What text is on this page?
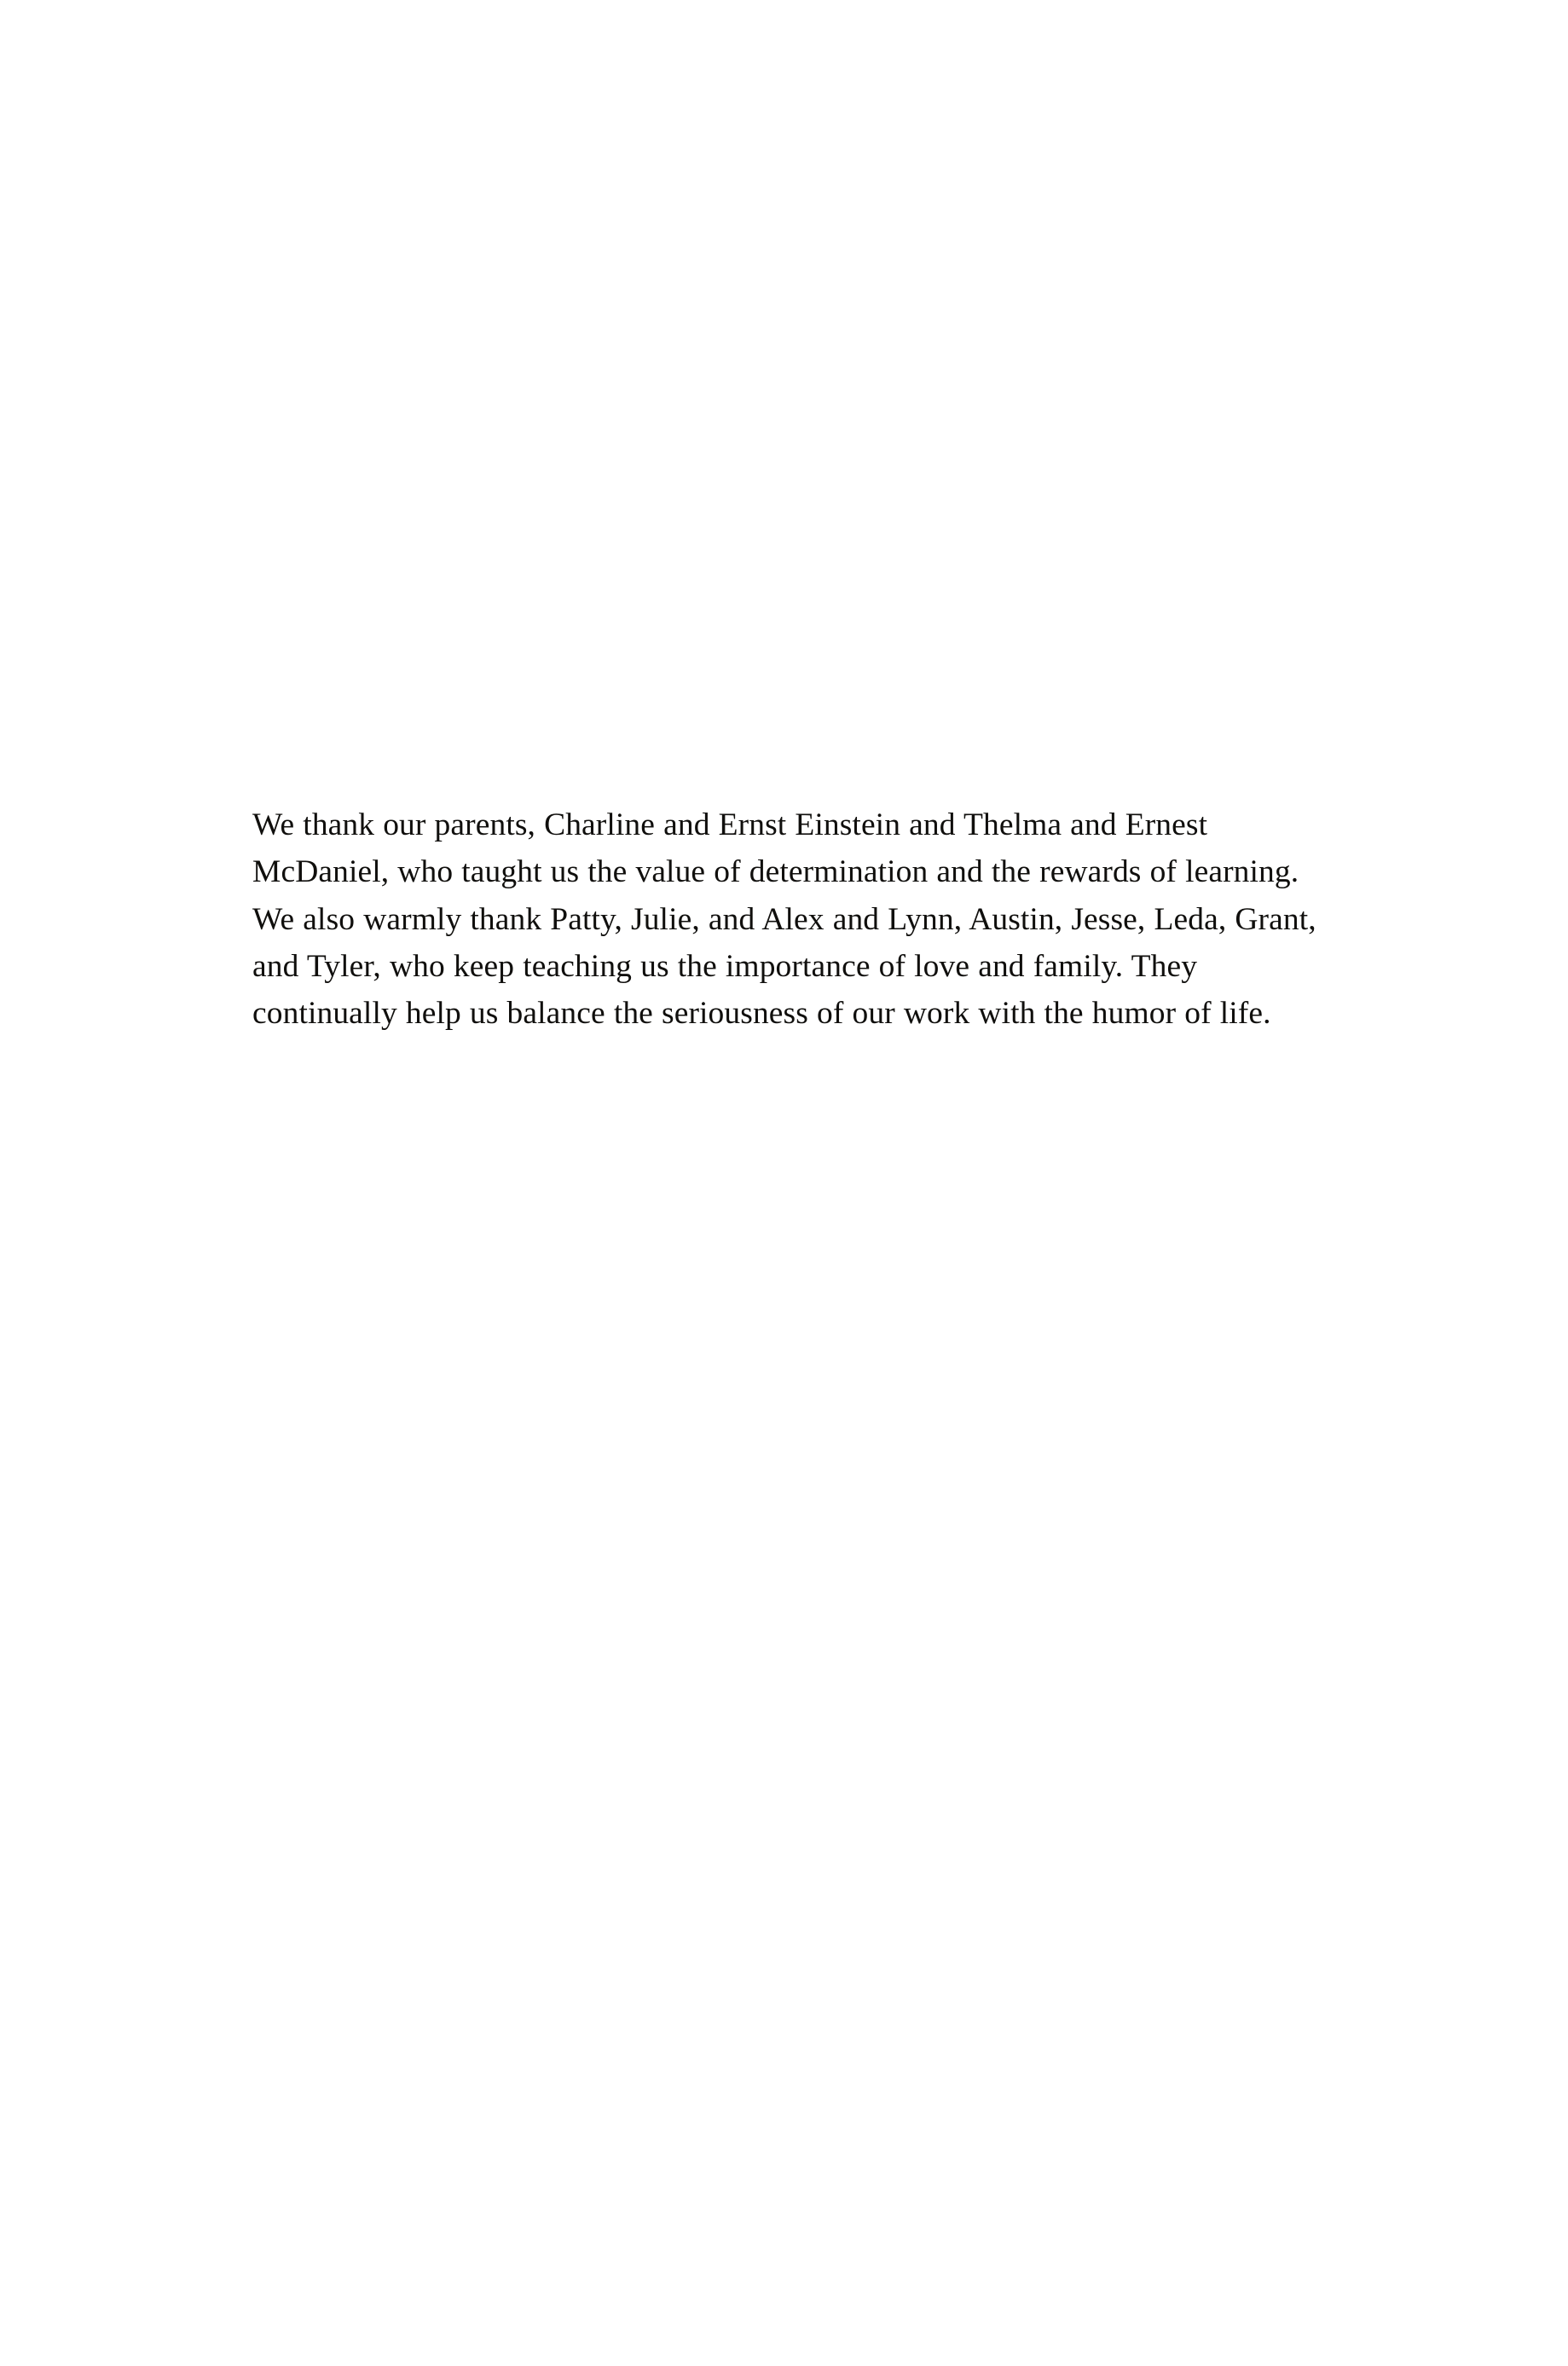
We thank our parents, Charline and Ernst Einstein and Thelma and Ernest McDaniel, who taught us the value of determination and the rewards of learning. We also warmly thank Patty, Julie, and Alex and Lynn, Austin, Jesse, Leda, Grant, and Tyler, who keep teaching us the importance of love and family. They continually help us balance the seriousness of our work with the humor of life.
